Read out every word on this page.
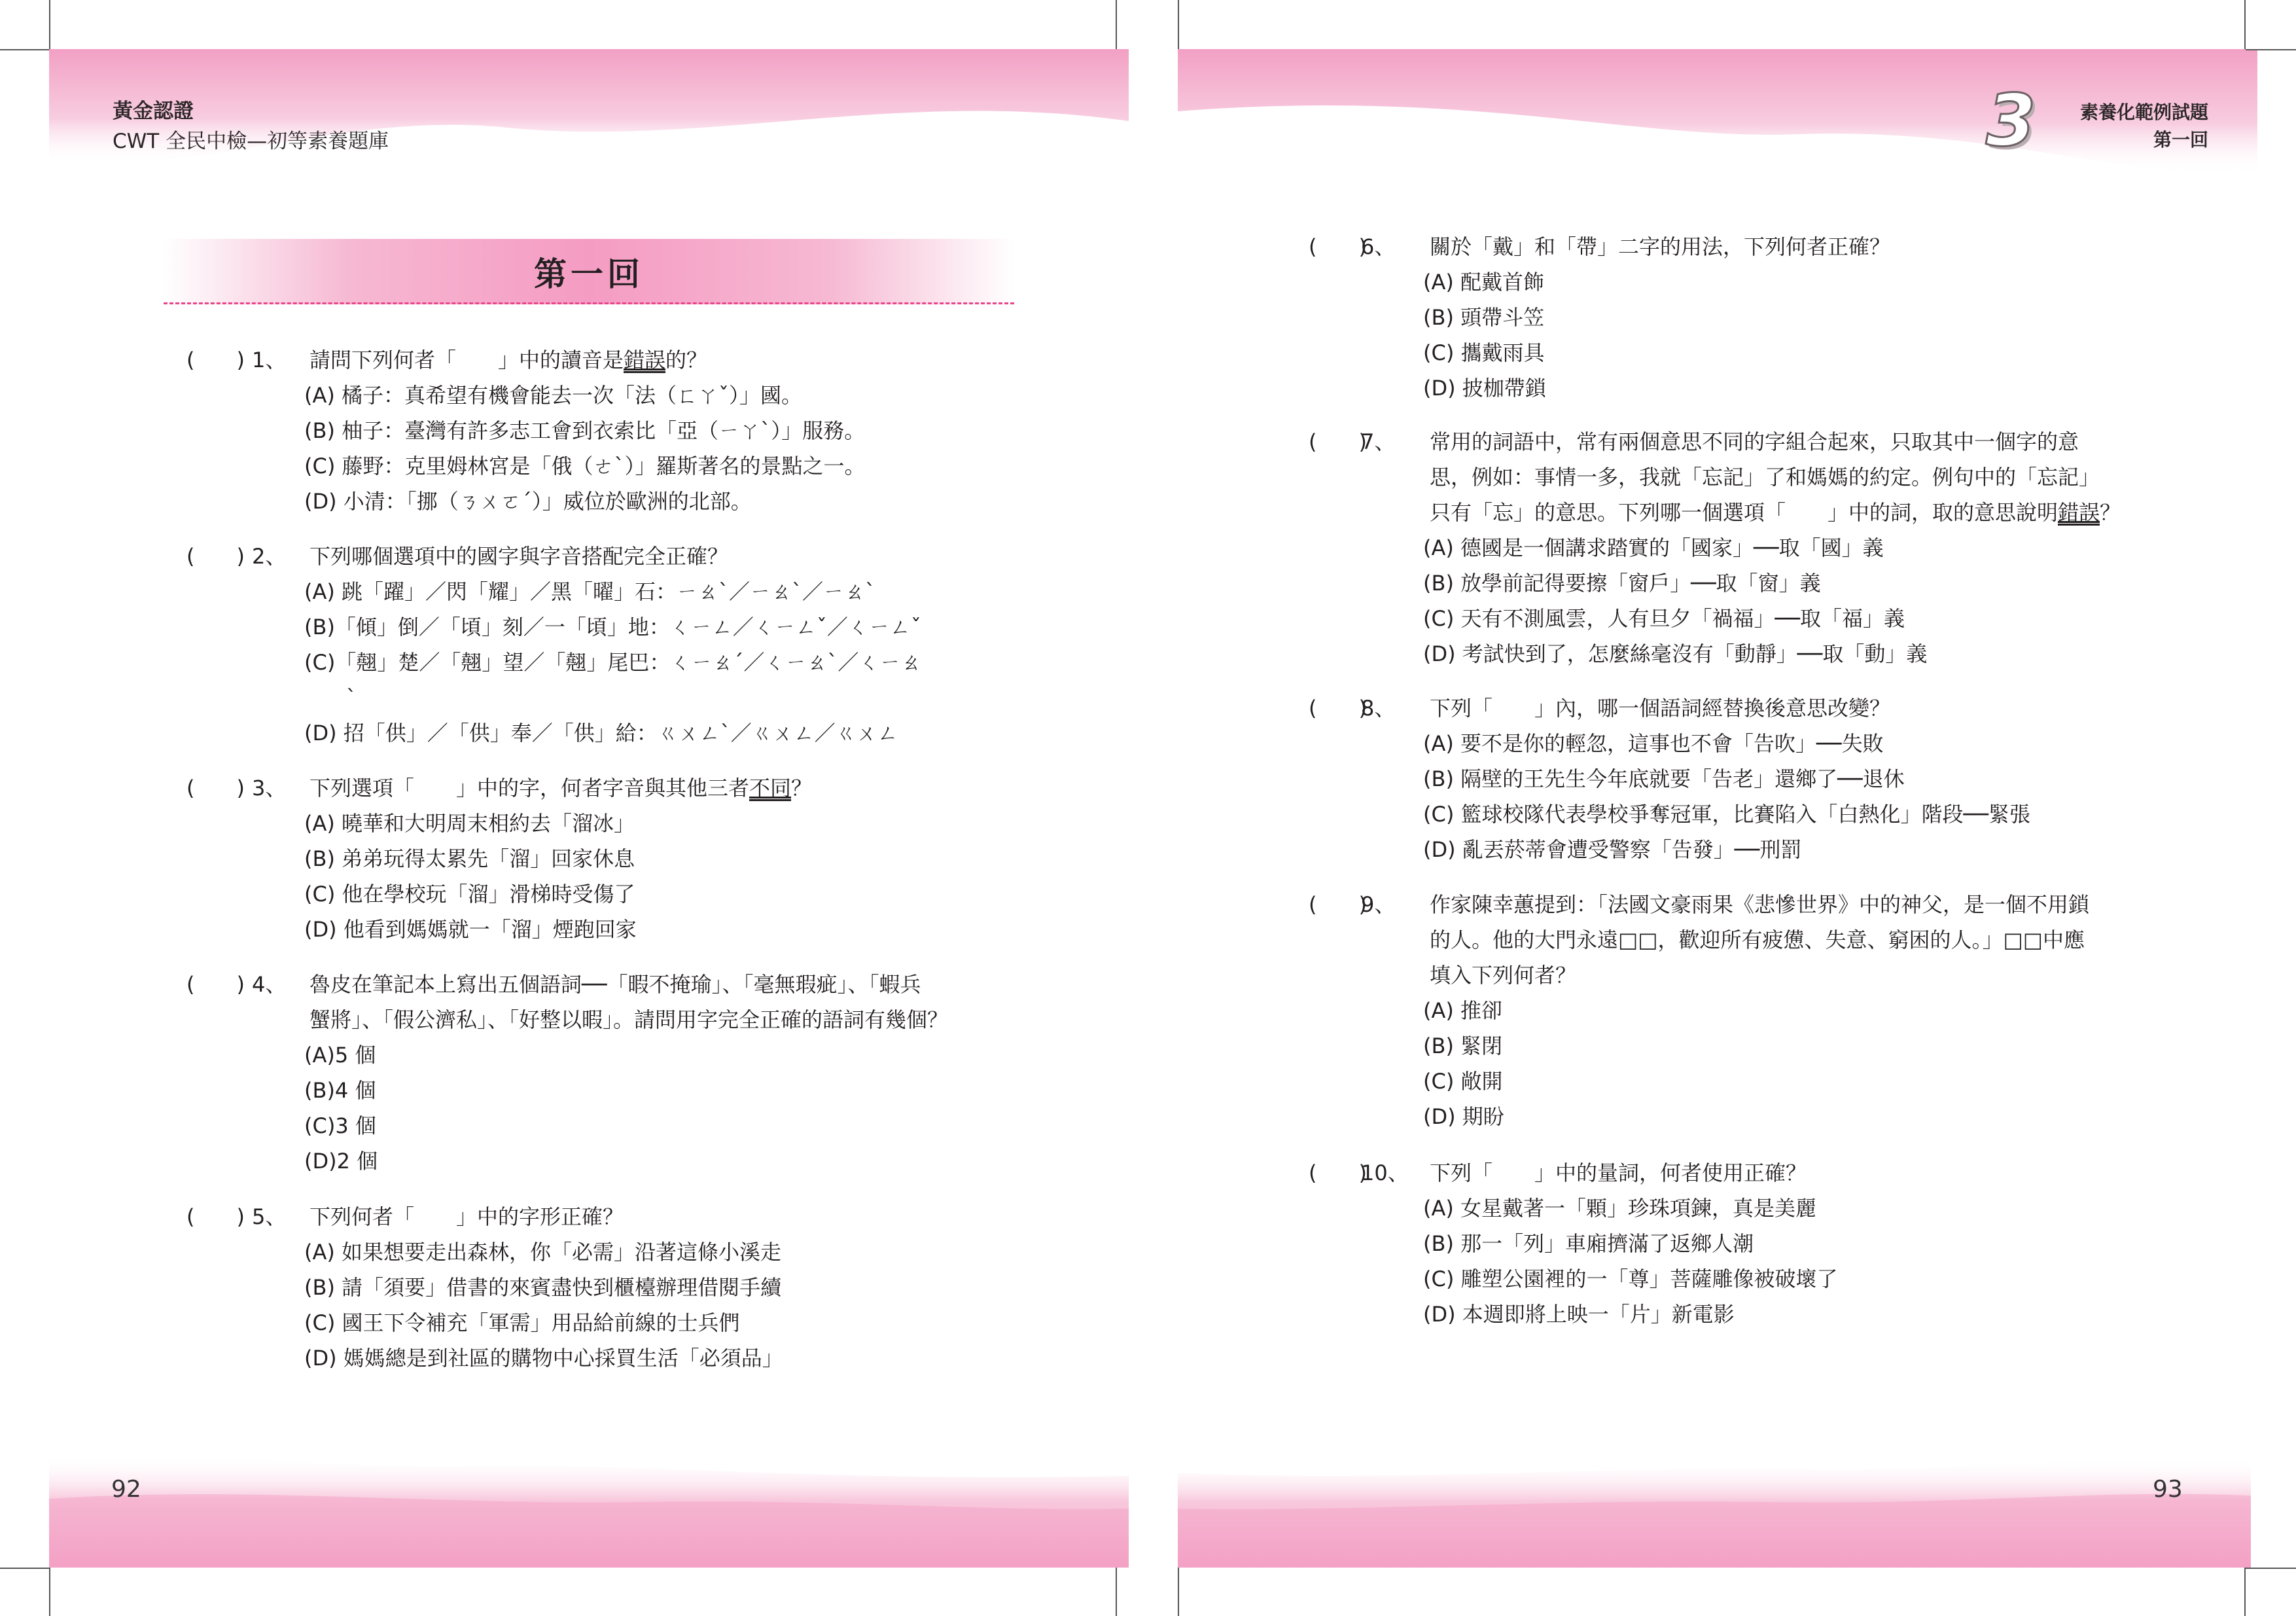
黃金認證
CWT 全民中檢—初等素養題庫
第一回
(　　) 1、 請問下列何者「　　」中的讀音是錯誤的？
(A) 橘子：真希望有機會能去一次「法（ㄈㄚˇ）」國。
(B) 柚子：臺灣有許多志工會到衣索比「亞（ㄧㄚˋ）」服務。
(C) 藤野：克里姆林宮是「俄（ㄜˋ）」羅斯著名的景點之一。
(D) 小清：「挪（ㄋㄨㄛˊ）」威位於歐洲的北部。
(　　) 2、 下列哪個選項中的國字與字音搭配完全正確？
(A) 跳「躍」／閃「耀」／黑「曜」石：ㄧㄠˋ／ㄧㄠˋ／ㄧㄠˋ
(B)「傾」倒／「頃」刻／一「頃」地：ㄑㄧㄥ／ㄑㄧㄥˇ／ㄑㄧㄥˇ
(C)「翹」楚／「翹」望／「翹」尾巴：ㄑㄧㄠˊ／ㄑㄧㄠˋ／ㄑㄧㄠ
　　ˋ
(D) 招「供」／「供」奉／「供」給：ㄍㄨㄥˋ／ㄍㄨㄥ／ㄍㄨㄥ
(　　) 3、 下列選項「　　」中的字，何者字音與其他三者不同？
(A) 曉華和大明周末相約去「溜冰」
(B) 弟弟玩得太累先「溜」回家休息
(C) 他在學校玩「溜」滑梯時受傷了
(D) 他看到媽媽就一「溜」煙跑回家
(　　) 4、 魯皮在筆記本上寫出五個語詞──「暇不掩瑜」、「毫無瑕疵」、「蝦兵
蟹將」、「假公濟私」、「好整以暇」。請問用字完全正確的語詞有幾個？
(A)5 個
(B)4 個
(C)3 個
(D)2 個
(　　) 5、 下列何者「　　」中的字形正確？
(A) 如果想要走出森林，你「必需」沿著這條小溪走
(B) 請「須要」借書的來賓盡快到櫃檯辦理借閱手續
(C) 國王下令補充「軍需」用品給前線的士兵們
(D) 媽媽總是到社區的購物中心採買生活「必須品」
92
3	素養化範例試題
第一回
(　　)
6、 關於「戴」和「帶」二字的用法，下列何者正確？
(A) 配戴首飾
(B) 頭帶斗笠
(C) 攜戴雨具
(D) 披枷帶鎖
(　　)
7、 常用的詞語中，常有兩個意思不同的字組合起來，只取其中一個字的意
思，例如：事情一多，我就「忘記」了和媽媽的約定。例句中的「忘記」
只有「忘」的意思。下列哪一個選項「　　」中的詞，取的意思說明錯誤？
(A) 德國是一個講求踏實的「國家」──取「國」義
(B) 放學前記得要擦「窗戶」──取「窗」義
(C) 天有不測風雲，人有旦夕「禍福」──取「福」義
(D) 考試快到了，怎麼絲毫沒有「動靜」──取「動」義
(　　)
8、 下列「　　」內，哪一個語詞經替換後意思改變？
(A) 要不是你的輕忽，這事也不會「告吹」──失敗
(B) 隔壁的王先生今年底就要「告老」還鄉了──退休
(C) 籃球校隊代表學校爭奪冠軍，比賽陷入「白熱化」階段──緊張
(D) 亂丟菸蒂會遭受警察「告發」──刑罰
(　　)
9、 作家陳幸蕙提到：「法國文豪雨果《悲慘世界》中的神父，是一個不用鎖
的人。他的大門永遠□□，歡迎所有疲憊、失意、窮困的人。」□□中應
填入下列何者？
(A) 推卻
(B) 緊閉
(C) 敞開
(D) 期盼
(　　)
10、 下列「　　」中的量詞，何者使用正確？
(A) 女星戴著一「顆」珍珠項鍊，真是美麗
(B) 那一「列」車廂擠滿了返鄉人潮
(C) 雕塑公園裡的一「尊」菩薩雕像被破壞了
(D) 本週即將上映一「片」新電影
93
